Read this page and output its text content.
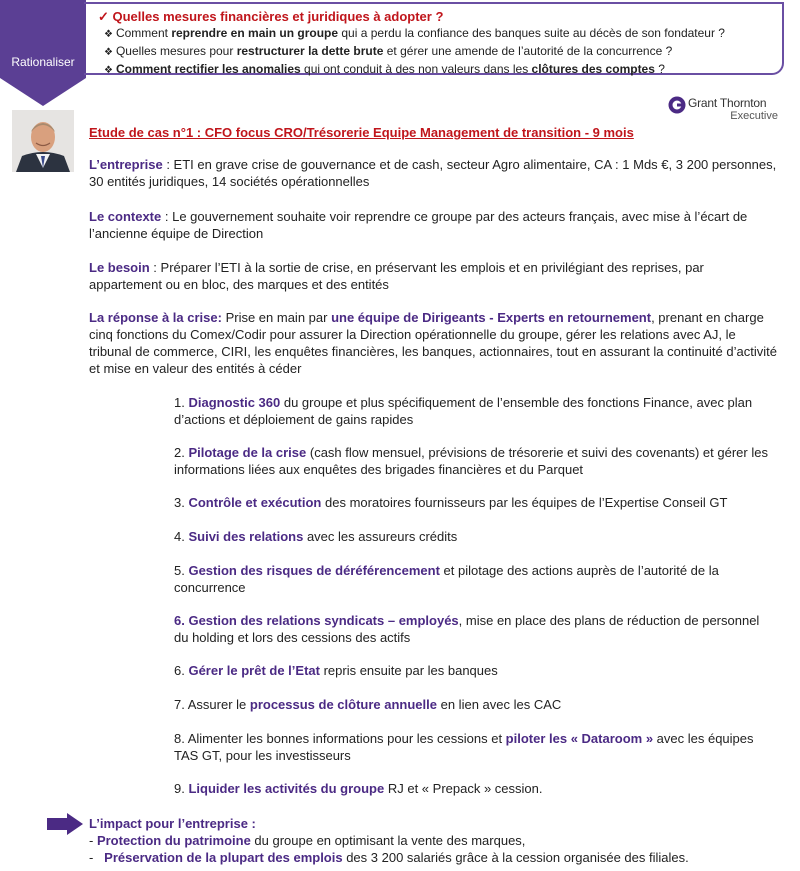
Rationaliser
✓ Quelles mesures financières et juridiques à adopter ?
❖ Comment reprendre en main un groupe qui a perdu la confiance des banques suite au décès de son fondateur ?
❖ Quelles mesures pour restructurer la dette brute et gérer une amende de l’autorité de la concurrence ?
❖ Comment rectifier les anomalies qui ont conduit à des non valeurs dans les clôtures des comptes ?
Grant Thornton
Executive
Etude de cas n°1 : CFO focus CRO/Trésorerie Equipe Management de transition - 9 mois
L’entreprise : ETI en grave crise de gouvernance et de cash, secteur Agro alimentaire, CA : 1 Mds €, 3 200 personnes, 30 entités juridiques, 14 sociétés opérationnelles
Le contexte : Le gouvernement souhaite voir reprendre ce groupe par des acteurs français, avec mise à l’écart de l’ancienne équipe de Direction
Le besoin : Préparer l’ETI à la sortie de crise, en préservant les emplois et en privilégiant des reprises, par appartement ou en bloc, des marques et des entités
La réponse à la crise: Prise en main par une équipe de Dirigeants - Experts en retournement, prenant en charge cinq fonctions du Comex/Codir pour assurer la Direction opérationnelle du groupe, gérer les relations avec AJ, le tribunal de commerce, CIRI, les enquêtes financières, les banques, actionnaires, tout en assurant la continuité d’activité et mise en valeur des entités à céder
1. Diagnostic 360 du groupe et plus spécifiquement de l’ensemble des fonctions Finance, avec plan d’actions et déploiement de gains rapides
2. Pilotage de la crise (cash flow mensuel, prévisions de trésorerie et suivi des covenants) et gérer les informations liées aux enquêtes des brigades financières et du Parquet
3. Contrôle et exécution des moratoires fournisseurs par les équipes de l’Expertise Conseil GT
4. Suivi des relations avec les assureurs crédits
5. Gestion des risques de déréférencement et pilotage des actions auprès de l’autorité de la concurrence
6. Gestion des relations syndicats – employés, mise en place des plans de réduction de personnel du holding et lors des cessions des actifs
6. Gérer le prêt de l’Etat repris ensuite par les banques
7. Assurer le processus de clôture annuelle en lien avec les CAC
8. Alimenter les bonnes informations pour les cessions et piloter les « Dataroom » avec les équipes TAS GT, pour les investisseurs
9. Liquider les activités du groupe RJ et « Prepack » cession.
L’impact pour l’entreprise :
- Protection du patrimoine du groupe en optimisant la vente des marques,
-   Préservation de la plupart des emplois des 3 200 salariés grâce à la cession organisée des filiales.
